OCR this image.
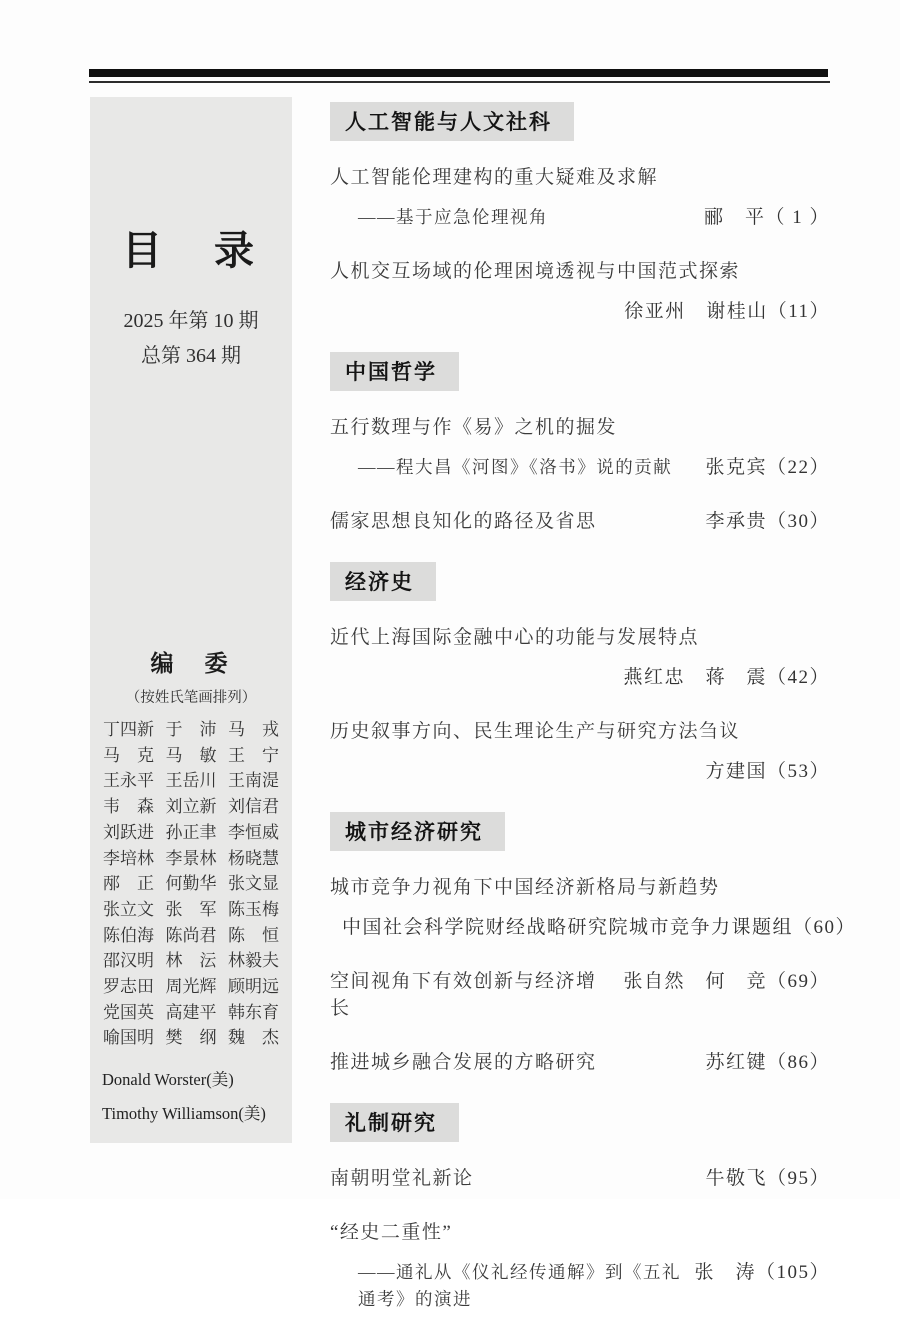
目　录
2025 年第 10 期
总第 364 期
编　委
（按姓氏笔画排列）
丁四新 于　沛 马　戎
马　克 马　敏 王　宁
王永平 王岳川 王南湜
韦　森 刘立新 刘信君
刘跃进 孙正聿 李恒威
李培林 李景林 杨晓慧
邴　正 何勤华 张文显
张立文 张　军 陈玉梅
陈伯海 陈尚君 陈　恒
邵汉明 林　沄 林毅夫
罗志田 周光辉 顾明远
党国英 高建平 韩东育
喻国明 樊　纲 魏　杰
Donald Worster(美)
Timothy Williamson(美)
人工智能与人文社科
人工智能伦理建构的重大疑难及求解
——基于应急伦理视角	郦　平（ 1 ）
人机交互场域的伦理困境透视与中国范式探索
徐亚州　谢桂山（11）
中国哲学
五行数理与作《易》之机的掘发
——程大昌《河图》《洛书》说的贡献	张克宾（22）
儒家思想良知化的路径及省思	李承贵（30）
经济史
近代上海国际金融中心的功能与发展特点
燕红忠　蒋　震（42）
历史叙事方向、民生理论生产与研究方法刍议
方建国（53）
城市经济研究
城市竞争力视角下中国经济新格局与新趋势
中国社会科学院财经战略研究院城市竞争力课题组（60）
空间视角下有效创新与经济增长
张自然　何　竞（69）
推进城乡融合发展的方略研究	苏红键（86）
礼制研究
南朝明堂礼新论	牛敬飞（95）
“经史二重性”
——通礼从《仪礼经传通解》到《五礼通考》的演进
张　涛（105）
